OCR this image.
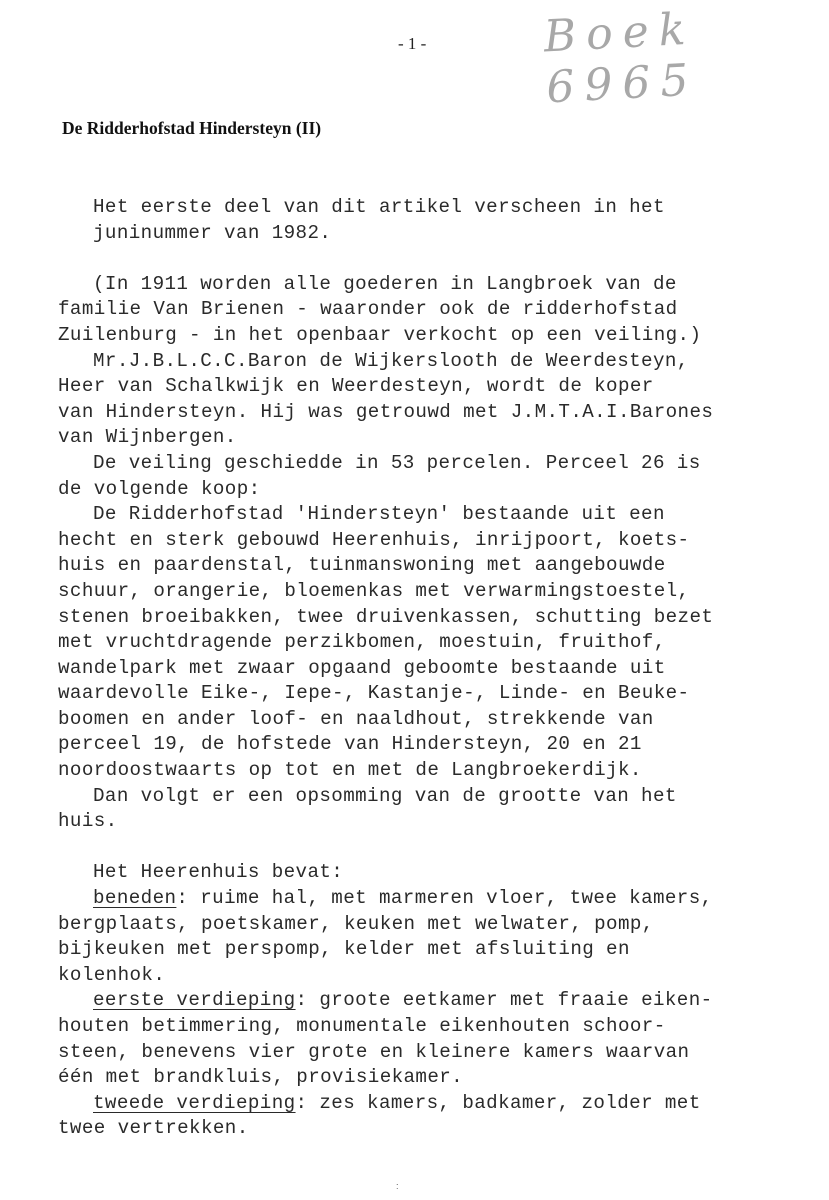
- 1 -	Boek 6965
De Ridderhofstad Hindersteyn (II)
Het eerste deel van dit artikel verscheen in het
juninummer van 1982.
(In 1911 worden alle goederen in Langbroek van de
familie Van Brienen - waaronder ook de ridderhofstad
Zuilenburg - in het openbaar verkocht op een veiling.)
Mr.J.B.L.C.C.Baron de Wijkerslooth de Weerdesteyn,
Heer van Schalkwijk en Weerdesteyn, wordt de koper
van Hindersteyn. Hij was getrouwd met J.M.T.A.I.Barones
van Wijnbergen.
De veiling geschiedde in 53 percelen. Perceel 26 is
de volgende koop:
De Ridderhofstad 'Hindersteyn' bestaande uit een
hecht en sterk gebouwd Heerenhuis, inrijpoort, koets-
huis en paardenstal, tuinmanswoning met aangebouwde
schuur, orangerie, bloemenkas met verwarmingstoestel,
stenen broeibakken, twee druivenkassen, schutting bezet
met vruchtdragende perzikbomen, moestuin, fruithof,
wandelpark met zwaar opgaand geboomte bestaande uit
waardevolle Eike-, Iepe-, Kastanje-, Linde- en Beuke-
boomen en ander loof- en naaldhout, strekkende van
perceel 19, de hofstede van Hindersteyn, 20 en 21
noordoostwaarts op tot en met de Langbroekerdijk.
Dan volgt er een opsomming van de grootte van het
huis.
Het Heerenhuis bevat:
beneden: ruime hal, met marmeren vloer, twee kamers,
bergplaats, poetskamer, keuken met welwater, pomp,
bijkeuken met perspomp, kelder met afsluiting en
kolenhok.
eerste verdieping: groote eetkamer met fraaie eiken-
houten betimmering, monumentale eikenhouten schoor-
steen, benevens vier grote en kleinere kamers waarvan
één met brandkluis, provisiekamer.
tweede verdieping: zes kamers, badkamer, zolder met
twee vertrekken.
:
